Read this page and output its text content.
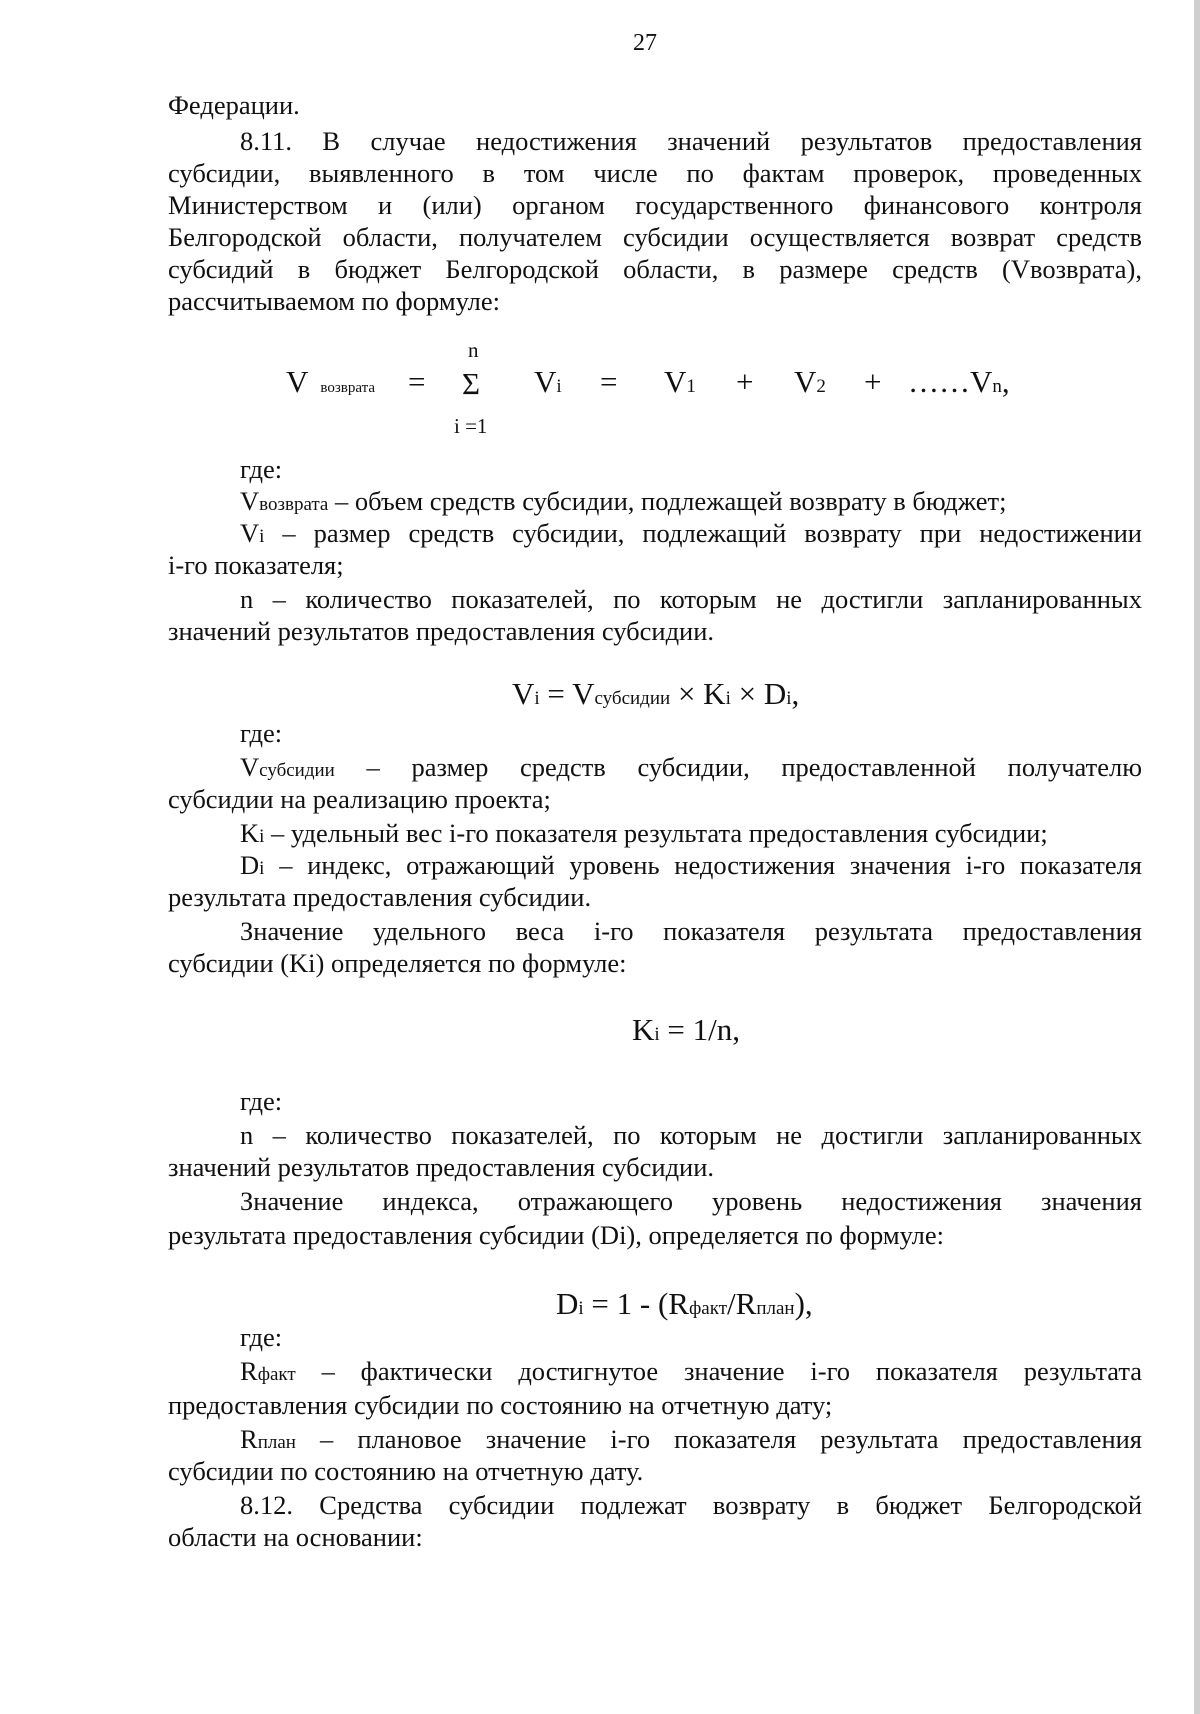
27
Федерации.
8.11. В случае недостижения значений результатов предоставления
субсидии, выявленного в том числе по фактам проверок, проведенных
Министерством и (или) органом государственного финансового контроля
Белгородской области, получателем субсидии осуществляется возврат средств
субсидий в бюджет Белгородской области, в размере средств (Vвозврата),
рассчитываемом по формуле:
Vвозврата =
n
Σ
i =1
Vi = V1 + V2 + ……Vn,
где:
Vвозврата – объем средств субсидии, подлежащей возврату в бюджет;
Vi – размер средств субсидии, подлежащий возврату при недостижении
i-го показателя;
n – количество показателей, по которым не достигли запланированных
значений результатов предоставления субсидии.
Vi = Vсубсидии × Ki × Di,
где:
Vсубсидии – размер средств субсидии, предоставленной получателю
субсидии на реализацию проекта;
Ki – удельный вес i-го показателя результата предоставления субсидии;
Di – индекс, отражающий уровень недостижения значения i-го показателя
результата предоставления субсидии.
Значение удельного веса i-го показателя результата предоставления
субсидии (Ki) определяется по формуле:
Ki = 1/n,
где:
n – количество показателей, по которым не достигли запланированных
значений результатов предоставления субсидии.
Значение индекса, отражающего уровень недостижения значения
результата предоставления субсидии (Di), определяется по формуле:
Di = 1 - (Rфакт/Rплан),
где:
Rфакт – фактически достигнутое значение i-го показателя результата
предоставления субсидии по состоянию на отчетную дату;
Rплан – плановое значение i-го показателя результата предоставления
субсидии по состоянию на отчетную дату.
8.12. Средства субсидии подлежат возврату в бюджет Белгородской
области на основании:
